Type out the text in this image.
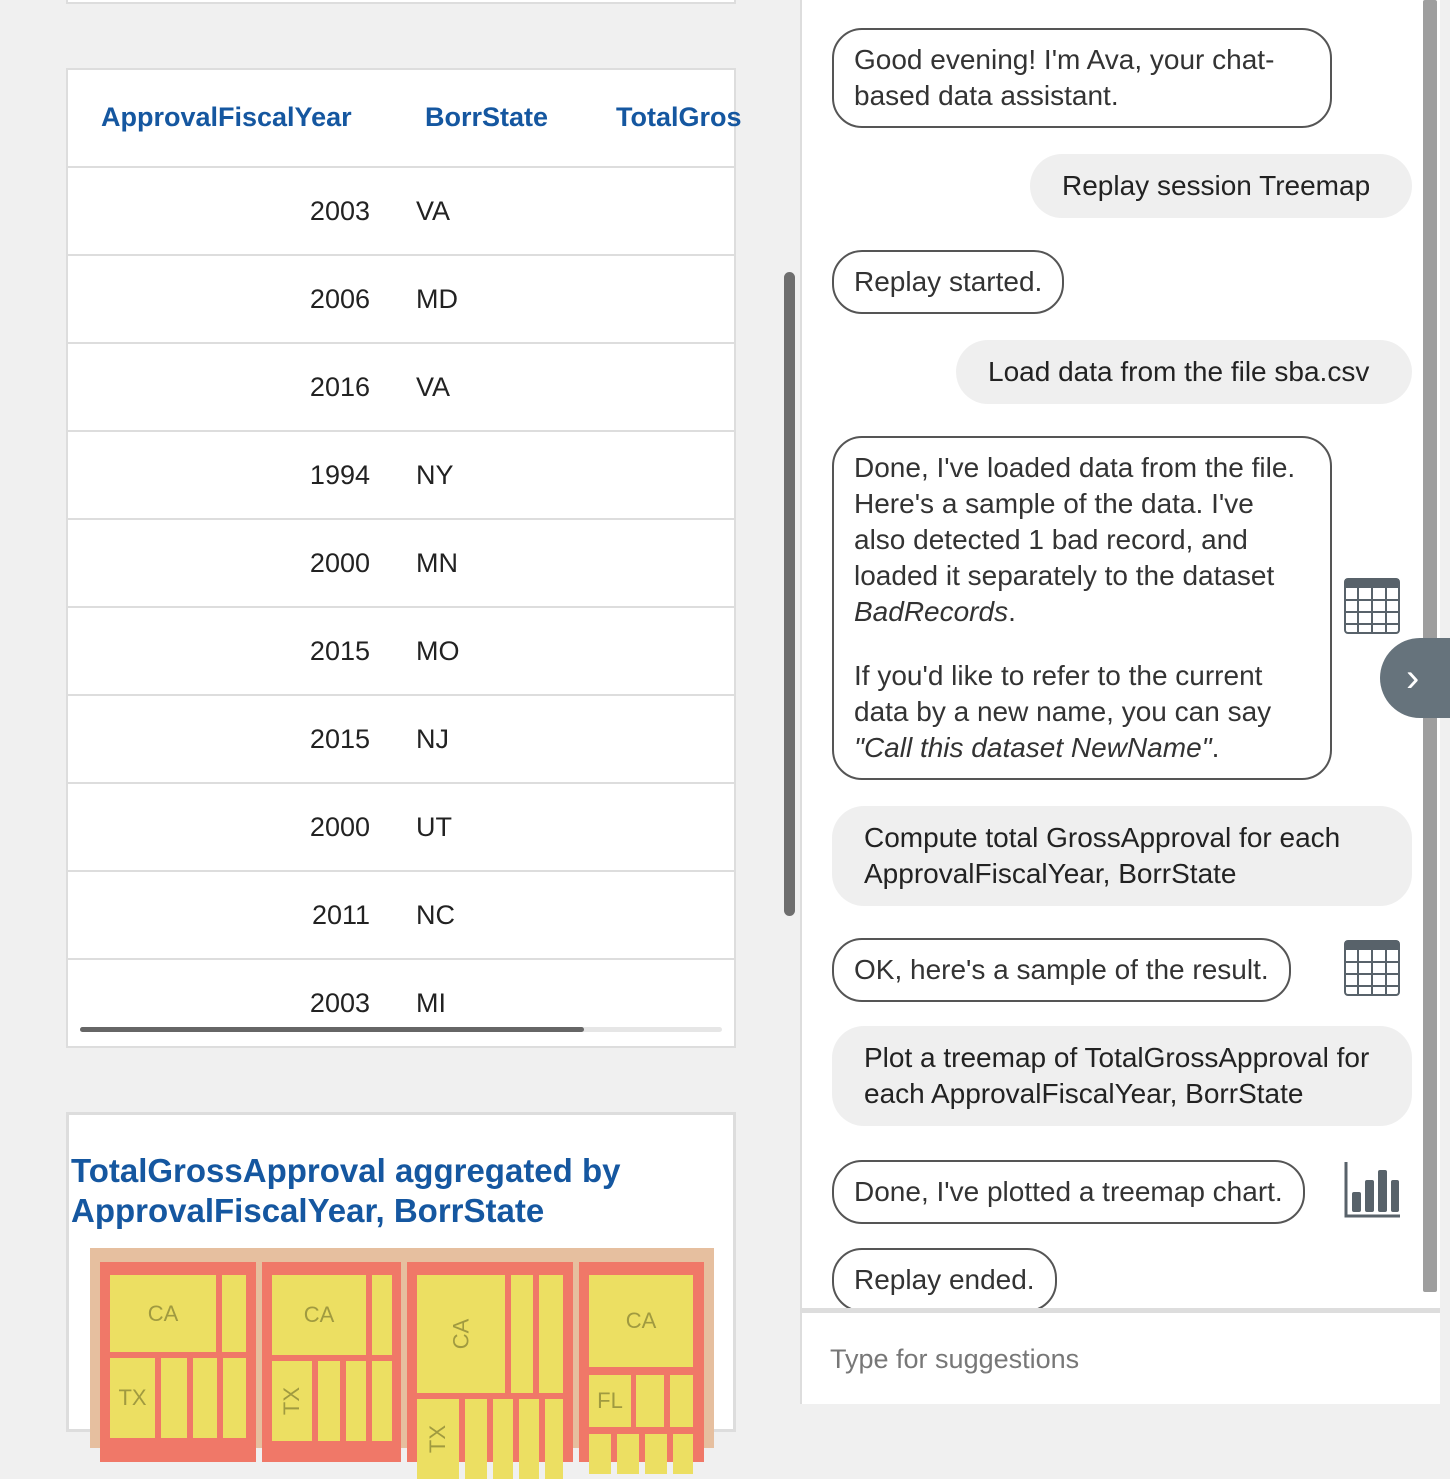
ApprovalFiscalYear	BorrState	TotalGros
2003 VA
2006 MD
2016 VA
1994 NY
2000 MN
2015 MO
2015 NJ
2000 UT
2011 NC
2003 MI
TotalGrossApproval aggregated by ApprovalFiscalYear, BorrState
CA
TX
CA
TX
CA
TX
CA
FL
Good evening! I'm Ava, your chat-based data assistant.
Replay session Treemap
Replay started.
Load data from the file sba.csv
Done, I've loaded data from the file. Here's a sample of the data. I've also detected 1 bad record, and loaded it separately to the dataset BadRecords.
If you'd like to refer to the current data by a new name, you can say "Call this dataset NewName".
Compute total GrossApproval for each ApprovalFiscalYear, BorrState
OK, here's a sample of the result.
Plot a treemap of TotalGrossApproval for each ApprovalFiscalYear, BorrState
Done, I've plotted a treemap chart.
Replay ended.
›
Type for suggestions
